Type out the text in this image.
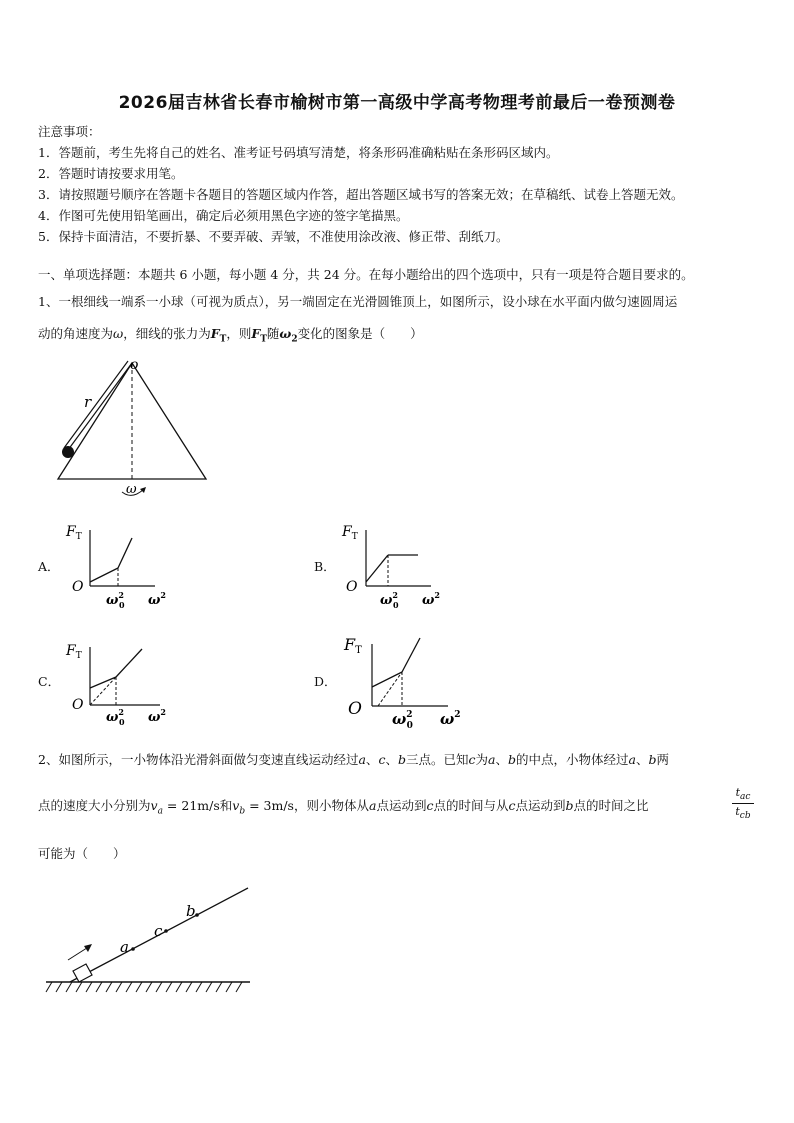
2026届吉林省长春市榆树市第一高级中学高考物理考前最后一卷预测卷
注意事项：
1．答题前，考生先将自己的姓名、准考证号码填写清楚，将条形码准确粘贴在条形码区域内。
2．答题时请按要求用笔。
3．请按照题号顺序在答题卡各题目的答题区域内作答，超出答题区域书写的答案无效；在草稿纸、试卷上答题无效。
4．作图可先使用铅笔画出，确定后必须用黑色字迹的签字笔描黑。
5．保持卡面清洁，不要折暴、不要弄破、弄皱，不准使用涂改液、修正带、刮纸刀。
一、单项选择题：本题共 6 小题，每小题 4 分，共 24 分。在每小题给出的四个选项中，只有一项是符合题目要求的。
1、一根细线一端系一小球（可视为质点），另一端固定在光滑圆锥顶上，如图所示，设小球在水平面内做匀速圆周运
动的角速度为ω，细线的张力为$F_T$，则$F_T$随$\omega_2$变化的图象是（　　）
o
r
ω
A．
$F_T$
O
$\omega^2$ 0 $\omega^2$
B．
$F_T$
O
$\omega^2$ 0 $\omega^2$
C．
$F_T$
O
$\omega^2$ 0 $\omega^2$
D．
FT
O $\omega^2$ 0 $\omega^2$
2、如图所示，一小物体沿光滑斜面做匀变速直线运动经过a、c、b三点。已知c为a、b的中点，小物体经过a、b两
点的速度大小分别为$v_a = 21m/s$和$v_b = 3m/s$，则小物体从a点运动到c点的时间与从c点运动到b点的时间之比
$t_{ac}$
$t_{cb}$
可能为（　　）
a
c
b
